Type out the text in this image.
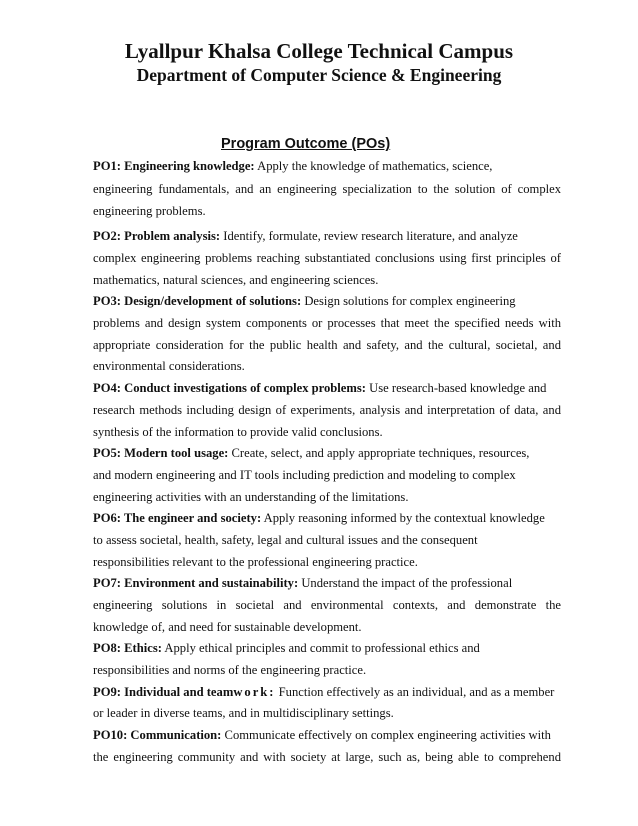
Lyallpur Khalsa College Technical Campus
Department of Computer Science & Engineering
Program Outcome (POs)
PO1: Engineering knowledge: Apply the knowledge of mathematics, science,
engineering fundamentals, and an engineering specialization to the solution of complex
engineering problems.
PO2: Problem analysis: Identify, formulate, review research literature, and analyze
complex engineering problems reaching substantiated conclusions using first principles of
mathematics, natural sciences, and engineering sciences.
PO3: Design/development of solutions: Design solutions for complex engineering
problems and design system components or processes that meet the specified needs with
appropriate consideration for the public health and safety, and the cultural, societal, and
environmental considerations.
PO4: Conduct investigations of complex problems: Use research-based knowledge and
research methods including design of experiments, analysis and interpretation of data, and
synthesis of the information to provide valid conclusions.
PO5: Modern tool usage: Create, select, and apply appropriate techniques, resources,
and modern engineering and IT tools including prediction and modeling to complex
engineering activities with an understanding of the limitations.
PO6: The engineer and society: Apply reasoning informed by the contextual knowledge
to assess societal, health, safety, legal and cultural issues and the consequent
responsibilities relevant to the professional engineering practice.
PO7: Environment and sustainability: Understand the impact of the professional
engineering solutions in societal and environmental contexts, and demonstrate the
knowledge of, and need for sustainable development.
PO8: Ethics: Apply ethical principles and commit to professional ethics and
responsibilities and norms of the engineering practice.
PO9: Individual and teamwork: Function effectively as an individual, and as a member
or leader in diverse teams, and in multidisciplinary settings.
PO10: Communication: Communicate effectively on complex engineering activities with
the engineering community and with society at large, such as, being able to comprehend
